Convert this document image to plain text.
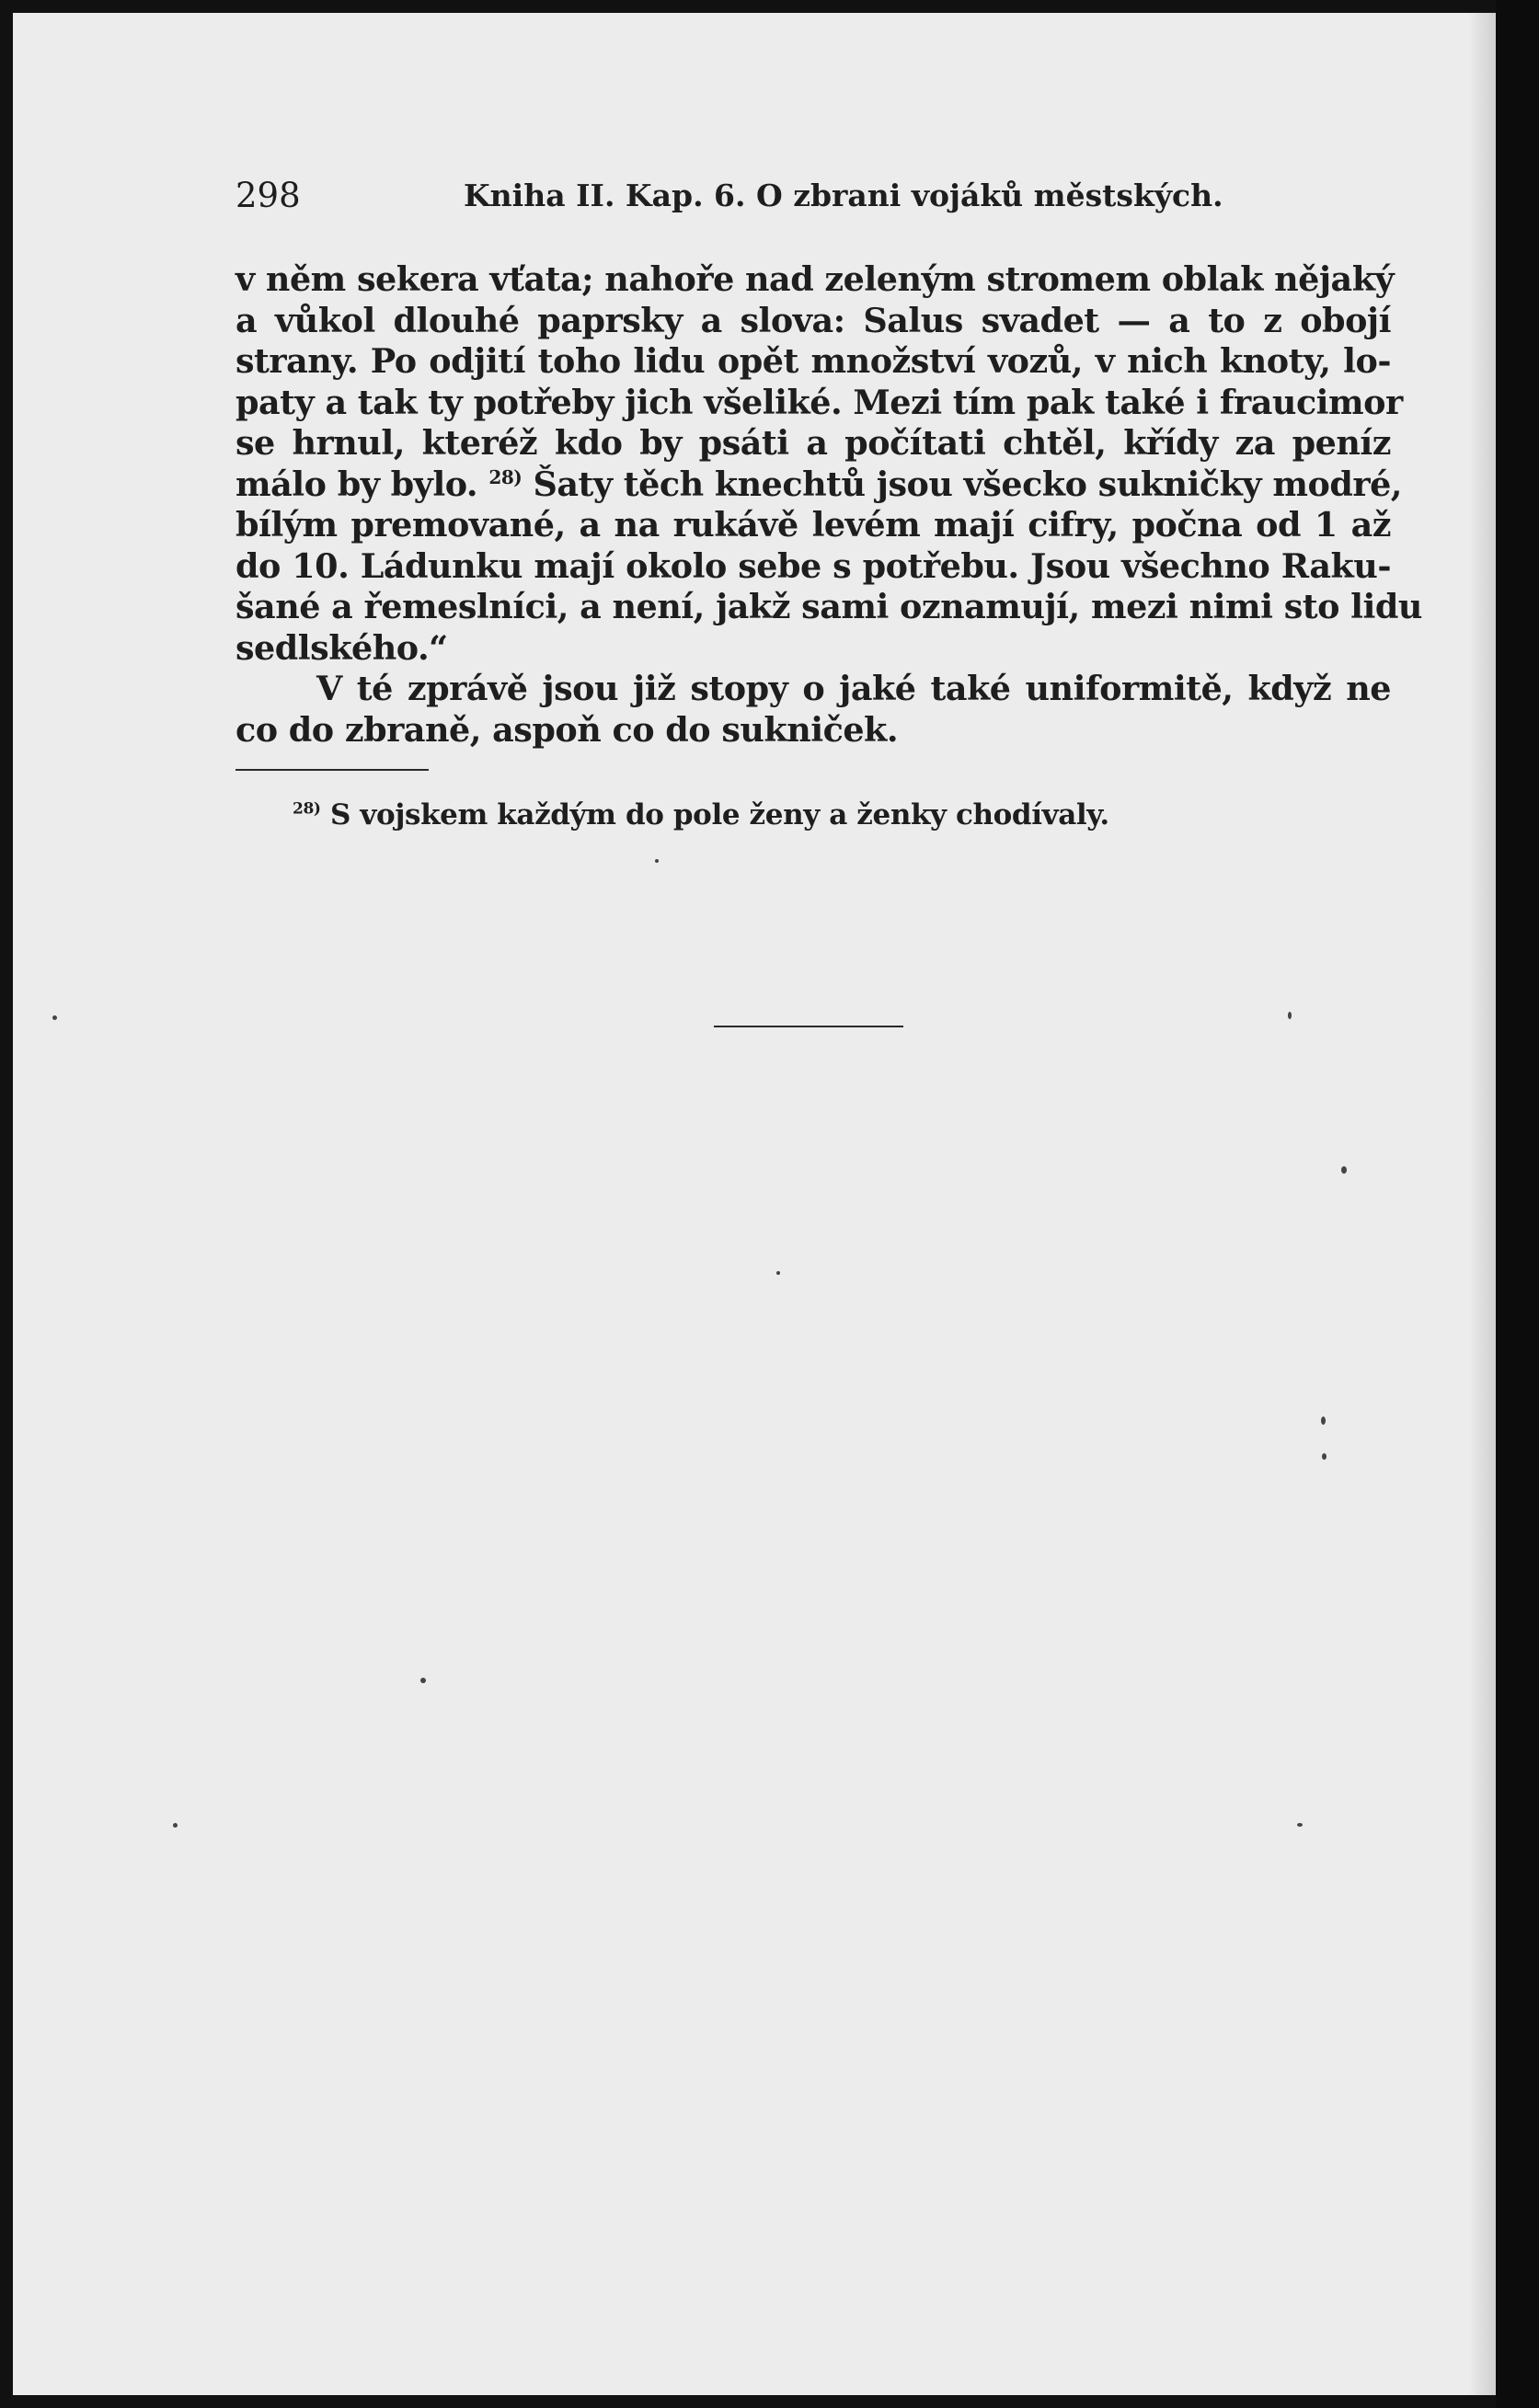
298	Kniha II. Kap. 6. O zbrani vojáků městských.
v něm sekera vťata; nahoře nad zeleným stromem oblak nějaký
a vůkol dlouhé paprsky a slova: Salus svadet — a to z obojí
strany. Po odjití toho lidu opět množství vozů, v nich knoty, lo-
paty a tak ty potřeby jich všeliké. Mezi tím pak také i fraucimor
se hrnul, kteréž kdo by psáti a počítati chtěl, křídy za peníz
málo by bylo. $^{28)}$ Šaty těch knechtů jsou všecko sukničky modré,
bílým premované, a na rukávě levém mají cifry, počna od 1 až
do 10. Ládunku mají okolo sebe s potřebu. Jsou všechno Raku-
šané a řemeslníci, a není, jakž sami oznamují, mezi nimi sto lidu
sedlského.“
V té zprávě jsou již stopy o jaké také uniformitě, když ne
co do zbraně, aspoň co do sukniček.
$^{28)}$ S vojskem každým do pole ženy a ženky chodívaly.
